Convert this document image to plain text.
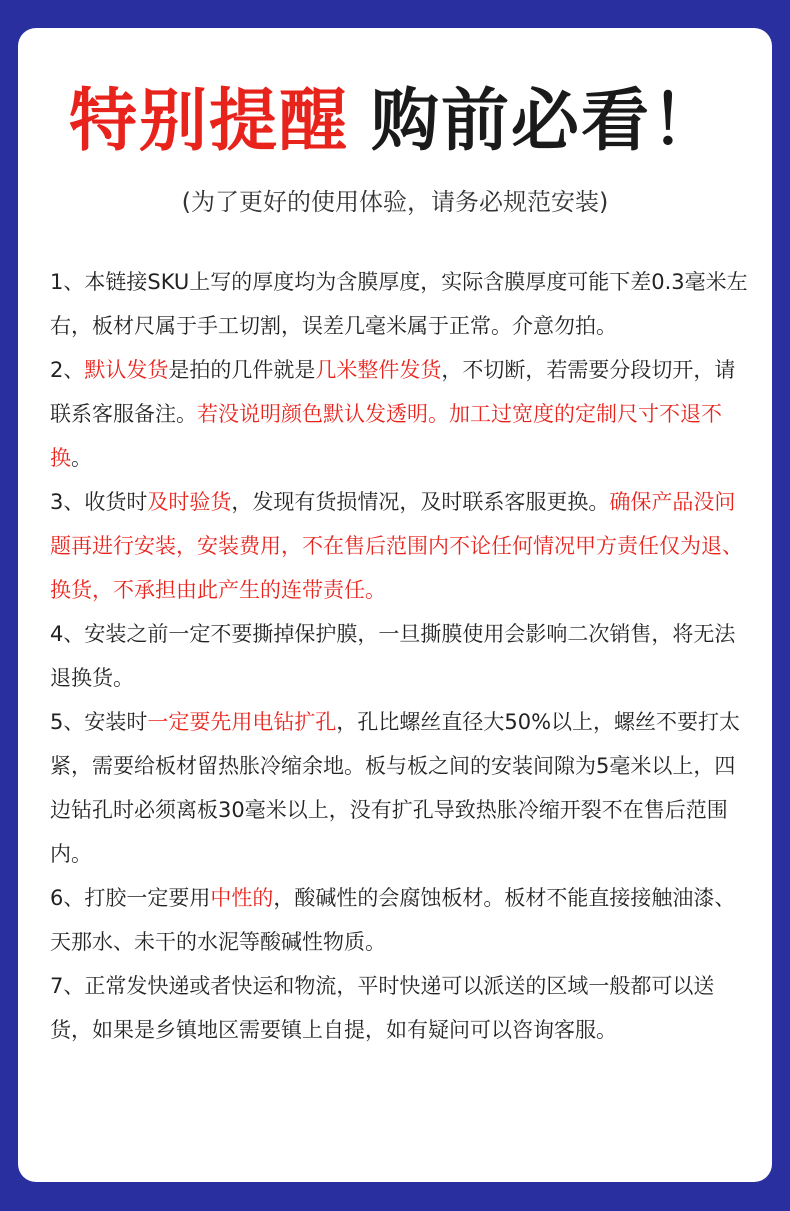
特别提醒 购前必看！
(为了更好的使用体验，请务必规范安装)

1、本链接SKU上写的厚度均为含膜厚度，实际含膜厚度可能下差0.3毫米左右，板材尺属于手工切割，误差几毫米属于正常。介意勿拍。

2、默认发货是拍的几件就是几米整件发货，不切断，若需要分段切开，请联系客服备注。若没说明颜色默认发透明。加工过宽度的定制尺寸不退不换。

3、收货时及时验货，发现有货损情况，及时联系客服更换。确保产品没问题再进行安装，安装费用，不在售后范围内不论任何情况甲方责任仅为退、换货，不承担由此产生的连带责任。

4、安装之前一定不要撕掉保护膜，一旦撕膜使用会影响二次销售，将无法退换货。

5、安装时一定要先用电钻扩孔，孔比螺丝直径大50%以上，螺丝不要打太紧，需要给板材留热胀冷缩余地。板与板之间的安装间隙为5毫米以上，四边钻孔时必须离板30毫米以上，没有扩孔导致热胀冷缩开裂不在售后范围内。

6、打胶一定要用中性的，酸碱性的会腐蚀板材。板材不能直接接触油漆、天那水、未干的水泥等酸碱性物质。

7、正常发快递或者快运和物流，平时快递可以派送的区域一般都可以送货，如果是乡镇地区需要镇上自提，如有疑问可以咨询客服。
